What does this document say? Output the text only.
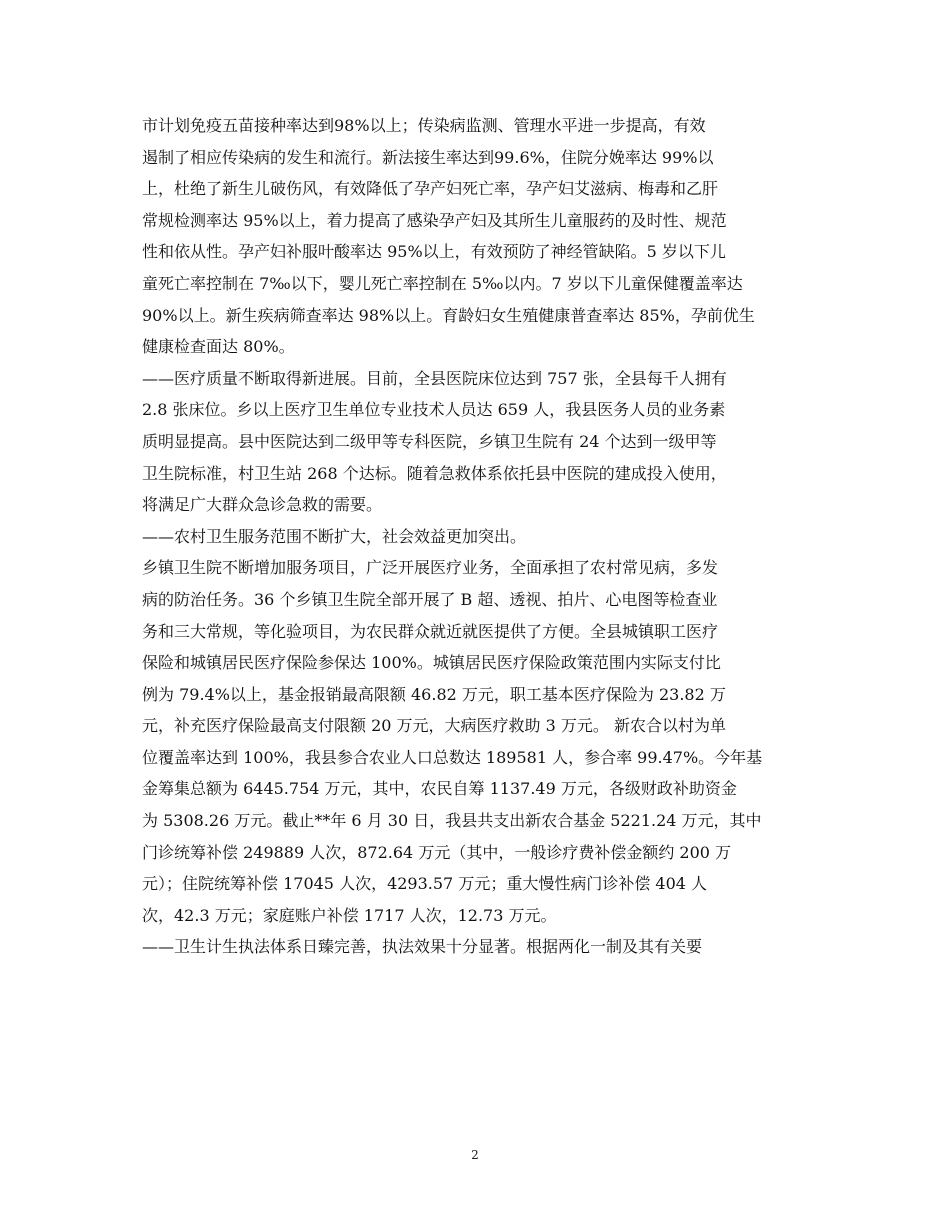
市计划免疫五苗接种率达到98%以上；传染病监测、管理水平进一步提高，有效
遏制了相应传染病的发生和流行。新法接生率达到99.6%，住院分娩率达 99%以
上，杜绝了新生儿破伤风，有效降低了孕产妇死亡率，孕产妇艾滋病、梅毒和乙肝
常规检测率达 95%以上，着力提高了感染孕产妇及其所生儿童服药的及时性、规范
性和依从性。孕产妇补服叶酸率达 95%以上，有效预防了神经管缺陷。5 岁以下儿
童死亡率控制在 7‰以下，婴儿死亡率控制在 5‰以内。7 岁以下儿童保健覆盖率达
90%以上。新生疾病筛查率达 98%以上。育龄妇女生殖健康普查率达 85%，孕前优生
健康检查面达 80%。
——医疗质量不断取得新进展。目前，全县医院床位达到 757 张，全县每千人拥有
2.8 张床位。乡以上医疗卫生单位专业技术人员达 659 人，我县医务人员的业务素
质明显提高。县中医院达到二级甲等专科医院，乡镇卫生院有 24 个达到一级甲等
卫生院标准，村卫生站 268 个达标。随着急救体系依托县中医院的建成投入使用，
将满足广大群众急诊急救的需要。
——农村卫生服务范围不断扩大，社会效益更加突出。
乡镇卫生院不断增加服务项目，广泛开展医疗业务，全面承担了农村常见病，多发
病的防治任务。36 个乡镇卫生院全部开展了 B 超、透视、拍片、心电图等检查业
务和三大常规，等化验项目，为农民群众就近就医提供了方便。全县城镇职工医疗
保险和城镇居民医疗保险参保达 100%。城镇居民医疗保险政策范围内实际支付比
例为 79.4%以上，基金报销最高限额 46.82 万元，职工基本医疗保险为 23.82 万
元，补充医疗保险最高支付限额 20 万元，大病医疗救助 3 万元。 新农合以村为单
位覆盖率达到 100%，我县参合农业人口总数达 189581 人，参合率 99.47%。今年基
金筹集总额为 6445.754 万元，其中，农民自筹 1137.49 万元，各级财政补助资金
为 5308.26 万元。截止**年 6 月 30 日，我县共支出新农合基金 5221.24 万元，其中
门诊统筹补偿 249889 人次，872.64 万元（其中，一般诊疗费补偿金额约 200 万
元）；住院统筹补偿 17045 人次，4293.57 万元；重大慢性病门诊补偿 404 人
次，42.3 万元；家庭账户补偿 1717 人次，12.73 万元。
——卫生计生执法体系日臻完善，执法效果十分显著。根据两化一制及其有关要
2
